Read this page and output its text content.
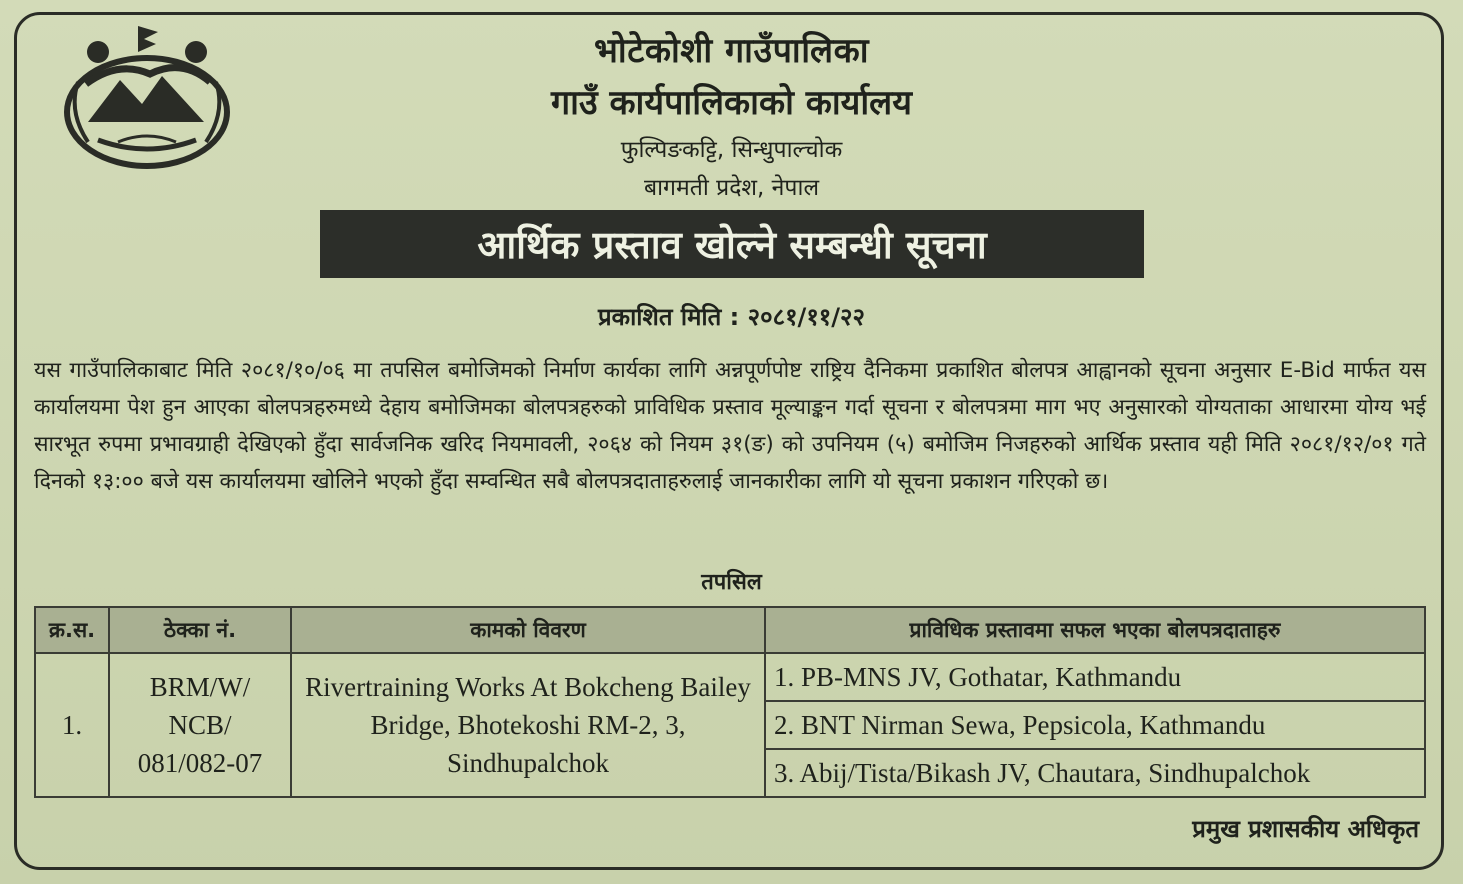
भोटेकोशी गाउँपालिका
गाउँ कार्यपालिकाको कार्यालय
फुल्पिङकट्टि, सिन्धुपाल्चोक
बागमती प्रदेश, नेपाल
आर्थिक प्रस्ताव खोल्ने सम्बन्धी सूचना
प्रकाशित मिति : २०८१/११/२२
यस गाउँपालिकाबाट मिति २०८१/१०/०६ मा तपसिल बमोजिमको निर्माण कार्यका लागि अन्नपूर्णपोष्ट राष्ट्रिय दैनिकमा प्रकाशित बोलपत्र आह्वानको सूचना अनुसार E-Bid मार्फत यस कार्यालयमा पेश हुन आएका बोलपत्रहरुमध्ये देहाय बमोजिमका बोलपत्रहरुको प्राविधिक प्रस्ताव मूल्याङ्कन गर्दा सूचना र बोलपत्रमा माग भए अनुसारको योग्यताका आधारमा योग्य भई सारभूत रुपमा प्रभावग्राही देखिएको हुँदा सार्वजनिक खरिद नियमावली, २०६४ को नियम ३१(ङ) को उपनियम (५) बमोजिम निजहरुको आर्थिक प्रस्ताव यही मिति २०८१/१२/०१ गते दिनको १३:०० बजे यस कार्यालयमा खोलिने भएको हुँदा सम्वन्धित सबै बोलपत्रदाताहरुलाई जानकारीका लागि यो सूचना प्रकाशन गरिएको छ।
तपसिल
क्र.स.	ठेक्का नं.	कामको विवरण	प्राविधिक प्रस्तावमा सफल भएका बोलपत्रदाताहरु
1.	BRM/W/ NCB/ 081/082-07	Rivertraining Works At Bokcheng Bailey Bridge, Bhotekoshi RM-2, 3, Sindhupalchok	1. PB-MNS JV, Gothatar, Kathmandu
			2. BNT Nirman Sewa, Pepsicola, Kathmandu
			3. Abij/Tista/Bikash JV, Chautara, Sindhupalchok
प्रमुख प्रशासकीय अधिकृत
